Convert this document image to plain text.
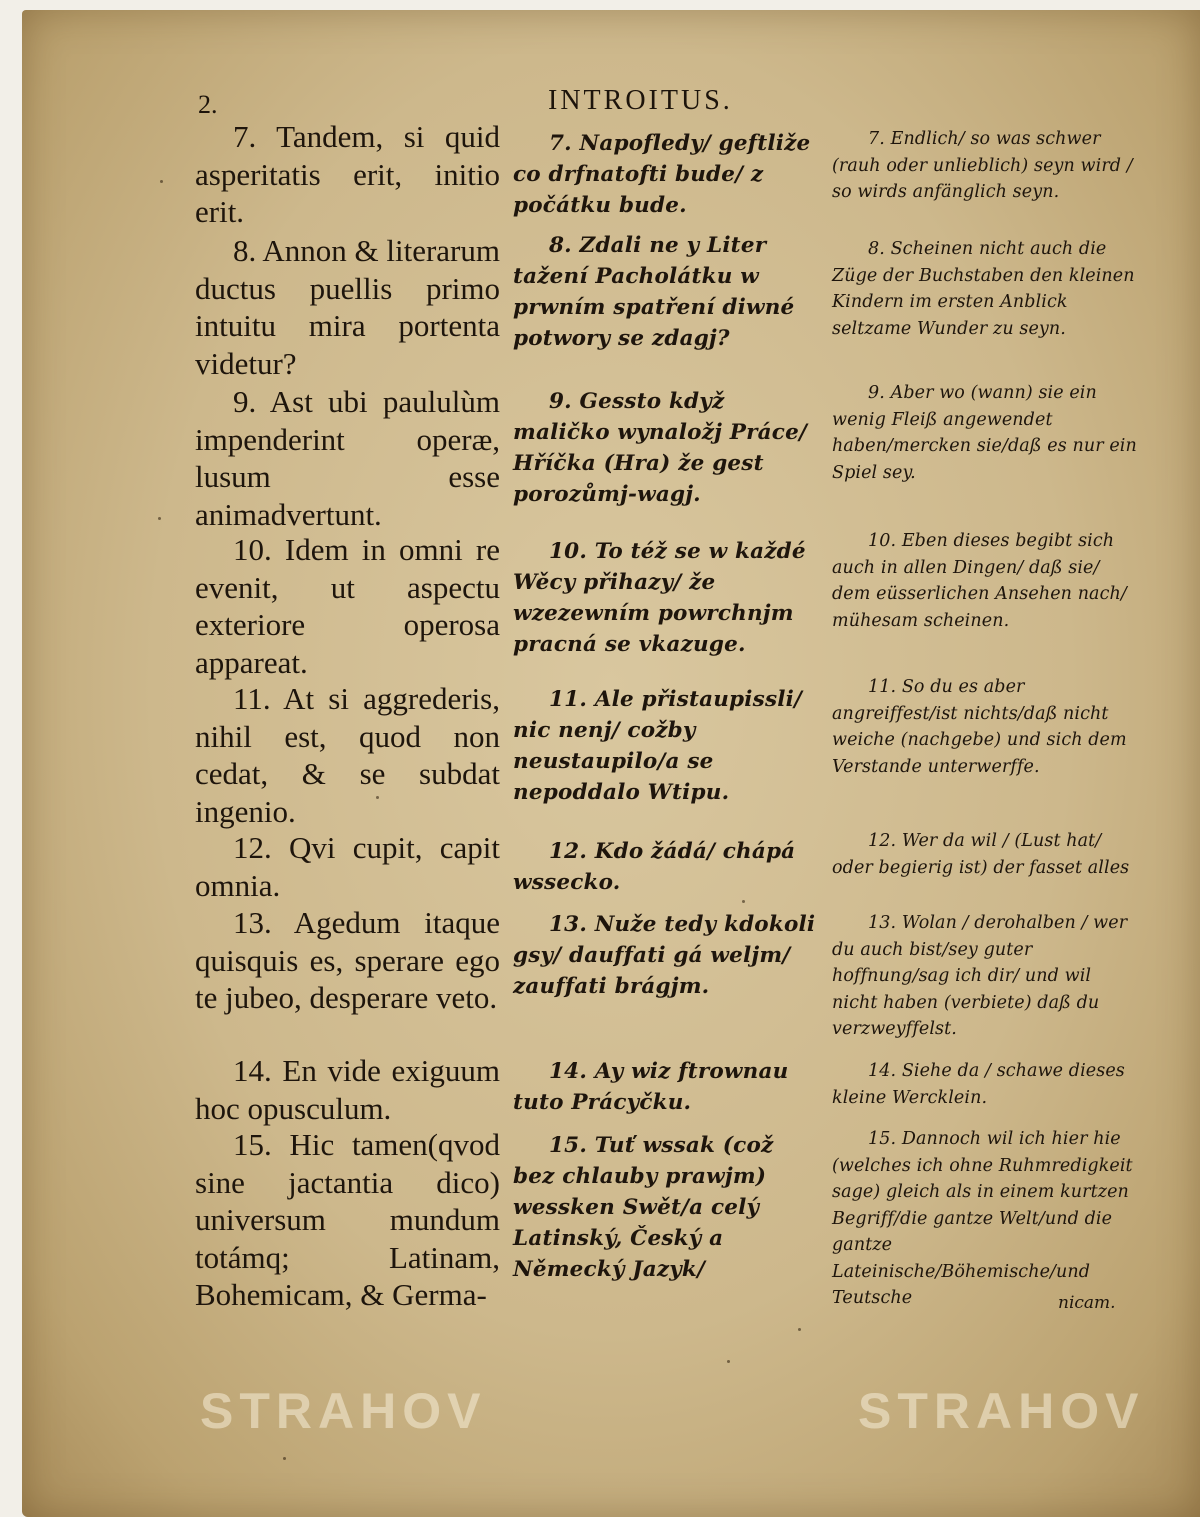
2.	INTROITUS.

7. Tandem, si quid asperitatis erit, initio erit.

8. Annon & literarum ductus puellis primo intuitu mira portenta videtur?

9. Ast ubi paululùm impenderint operæ, lusum esse animadvertunt.

10. Idem in omni re evenit, ut aspectu exteriore operosa appareat.

11. At si aggrederis, nihil est, quod non cedat, & se subdat ingenio.

12. Qvi cupit, capit omnia.

13. Agedum itaque quisquis es, sperare ego te jubeo, desperare veto.

14. En vide exiguum hoc opusculum.

15. Hic tamen(qvod sine jactantia dico) universum mundum totámq; Latinam, Bohemicam, & Germa-

7. Napofledy/ geftliže co drfnatofti bude/ z počátku bude.

8. Zdali ne y Liter tažení Pacholátku w prwním spatření diwné potwory se zdagj?

9. Gessto když maličko wynaložj Práce/ Hříčka (Hra) že gest porozůmj-wagj.

10. To též se w každé Wěcy přihazy/ že wzezewním powrchnjm pracná se vkazuge.

11. Ale přistaupissli/ nic nenj/ cožby neustaupilo/a se nepoddalo Wtipu.

12. Kdo žádá/ chápá wssecko.

13. Nuže tedy kdokoli gsy/ dauffati gá weljm/ zauffati brágjm.

14. Ay wiz ftrownau tuto Prácyčku.

15. Tuť wssak (což bez chlauby prawjm) wessken Swět/a celý Latinský, Český a Německý Jazyk/

7. Endlich/ so was schwer (rauh oder unlieblich) seyn wird / so wirds anfänglich seyn.

8. Scheinen nicht auch die Züge der Buchstaben den kleinen Kindern im ersten Anblick seltzame Wunder zu seyn.

9. Aber wo (wann) sie ein wenig Fleiß angewendet haben/mercken sie/daß es nur ein Spiel sey.

10. Eben dieses begibt sich auch in allen Dingen/ daß sie/ dem eüsserlichen Ansehen nach/ mühesam scheinen.

11. So du es aber angreiffest/ist nichts/daß nicht weiche (nachgebe) und sich dem Verstande unterwerffe.

12. Wer da wil / (Lust hat/ oder begierig ist) der fasset alles

13. Wolan / derohalben / wer du auch bist/sey guter hoffnung/sag ich dir/ und wil nicht haben (verbiete) daß du verzweyffelst.

14. Siehe da / schawe dieses kleine Wercklein.

15. Dannoch wil ich hier hie (welches ich ohne Ruhmredigkeit sage) gleich als in einem kurtzen Begriff/die gantze Welt/und die gantze Lateinische/Böhemische/und Teutsche	nicam.
STRAHOV	STRAHOV
